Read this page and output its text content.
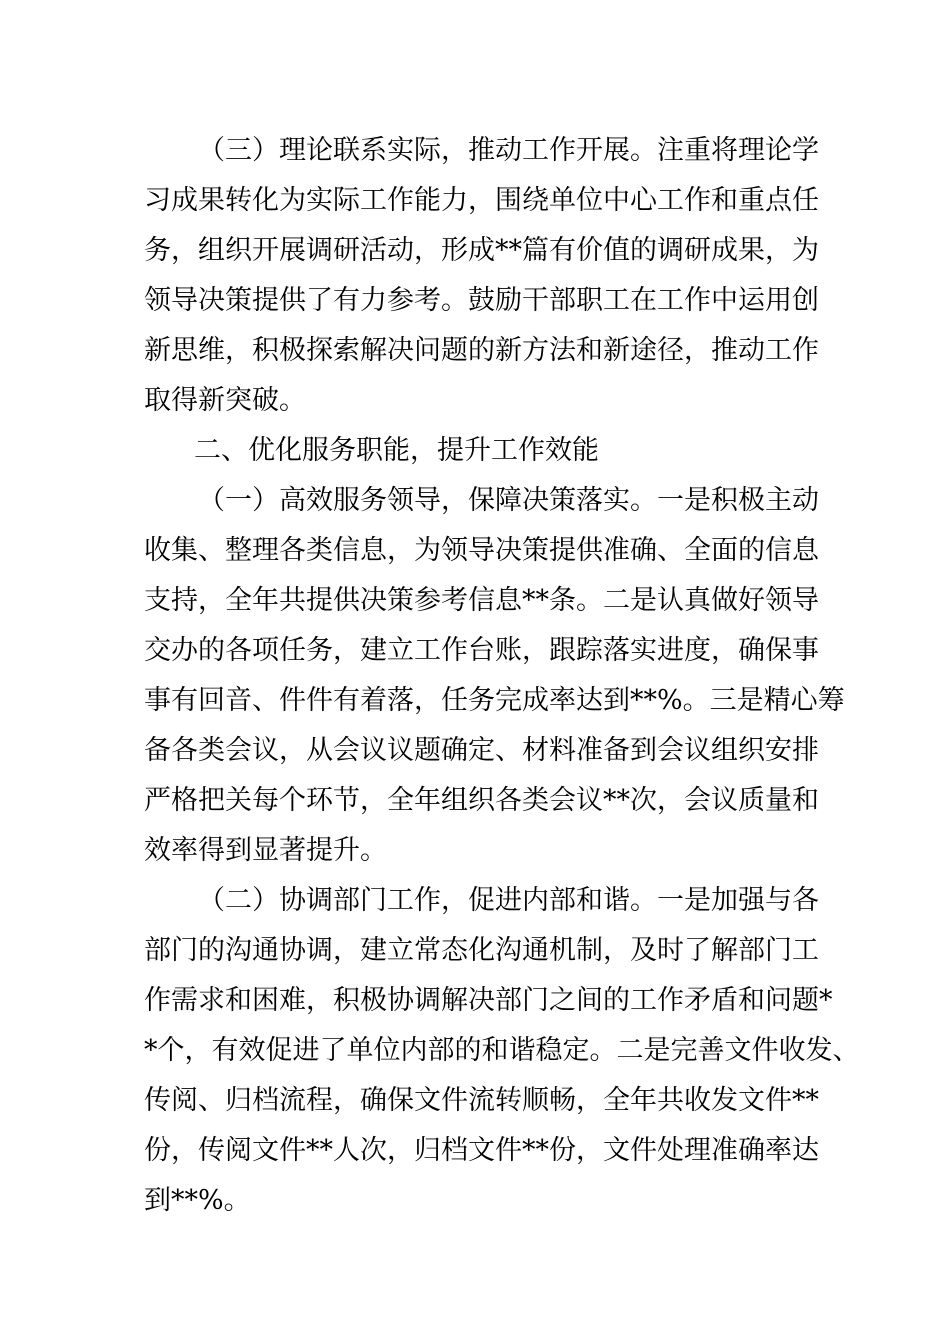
（三）理论联系实际，推动工作开展。注重将理论学
习成果转化为实际工作能力，围绕单位中心工作和重点任
务，组织开展调研活动，形成**篇有价值的调研成果，为
领导决策提供了有力参考。鼓励干部职工在工作中运用创
新思维，积极探索解决问题的新方法和新途径，推动工作
取得新突破。
二、优化服务职能，提升工作效能
（一）高效服务领导，保障决策落实。一是积极主动
收集、整理各类信息，为领导决策提供准确、全面的信息
支持，全年共提供决策参考信息**条。二是认真做好领导
交办的各项任务，建立工作台账，跟踪落实进度，确保事
事有回音、件件有着落，任务完成率达到**%。三是精心筹
备各类会议，从会议议题确定、材料准备到会议组织安排
严格把关每个环节，全年组织各类会议**次，会议质量和
效率得到显著提升。
（二）协调部门工作，促进内部和谐。一是加强与各
部门的沟通协调，建立常态化沟通机制，及时了解部门工
作需求和困难，积极协调解决部门之间的工作矛盾和问题*
*个，有效促进了单位内部的和谐稳定。二是完善文件收发、
传阅、归档流程，确保文件流转顺畅，全年共收发文件**
份，传阅文件**人次，归档文件**份，文件处理准确率达
到**%。
